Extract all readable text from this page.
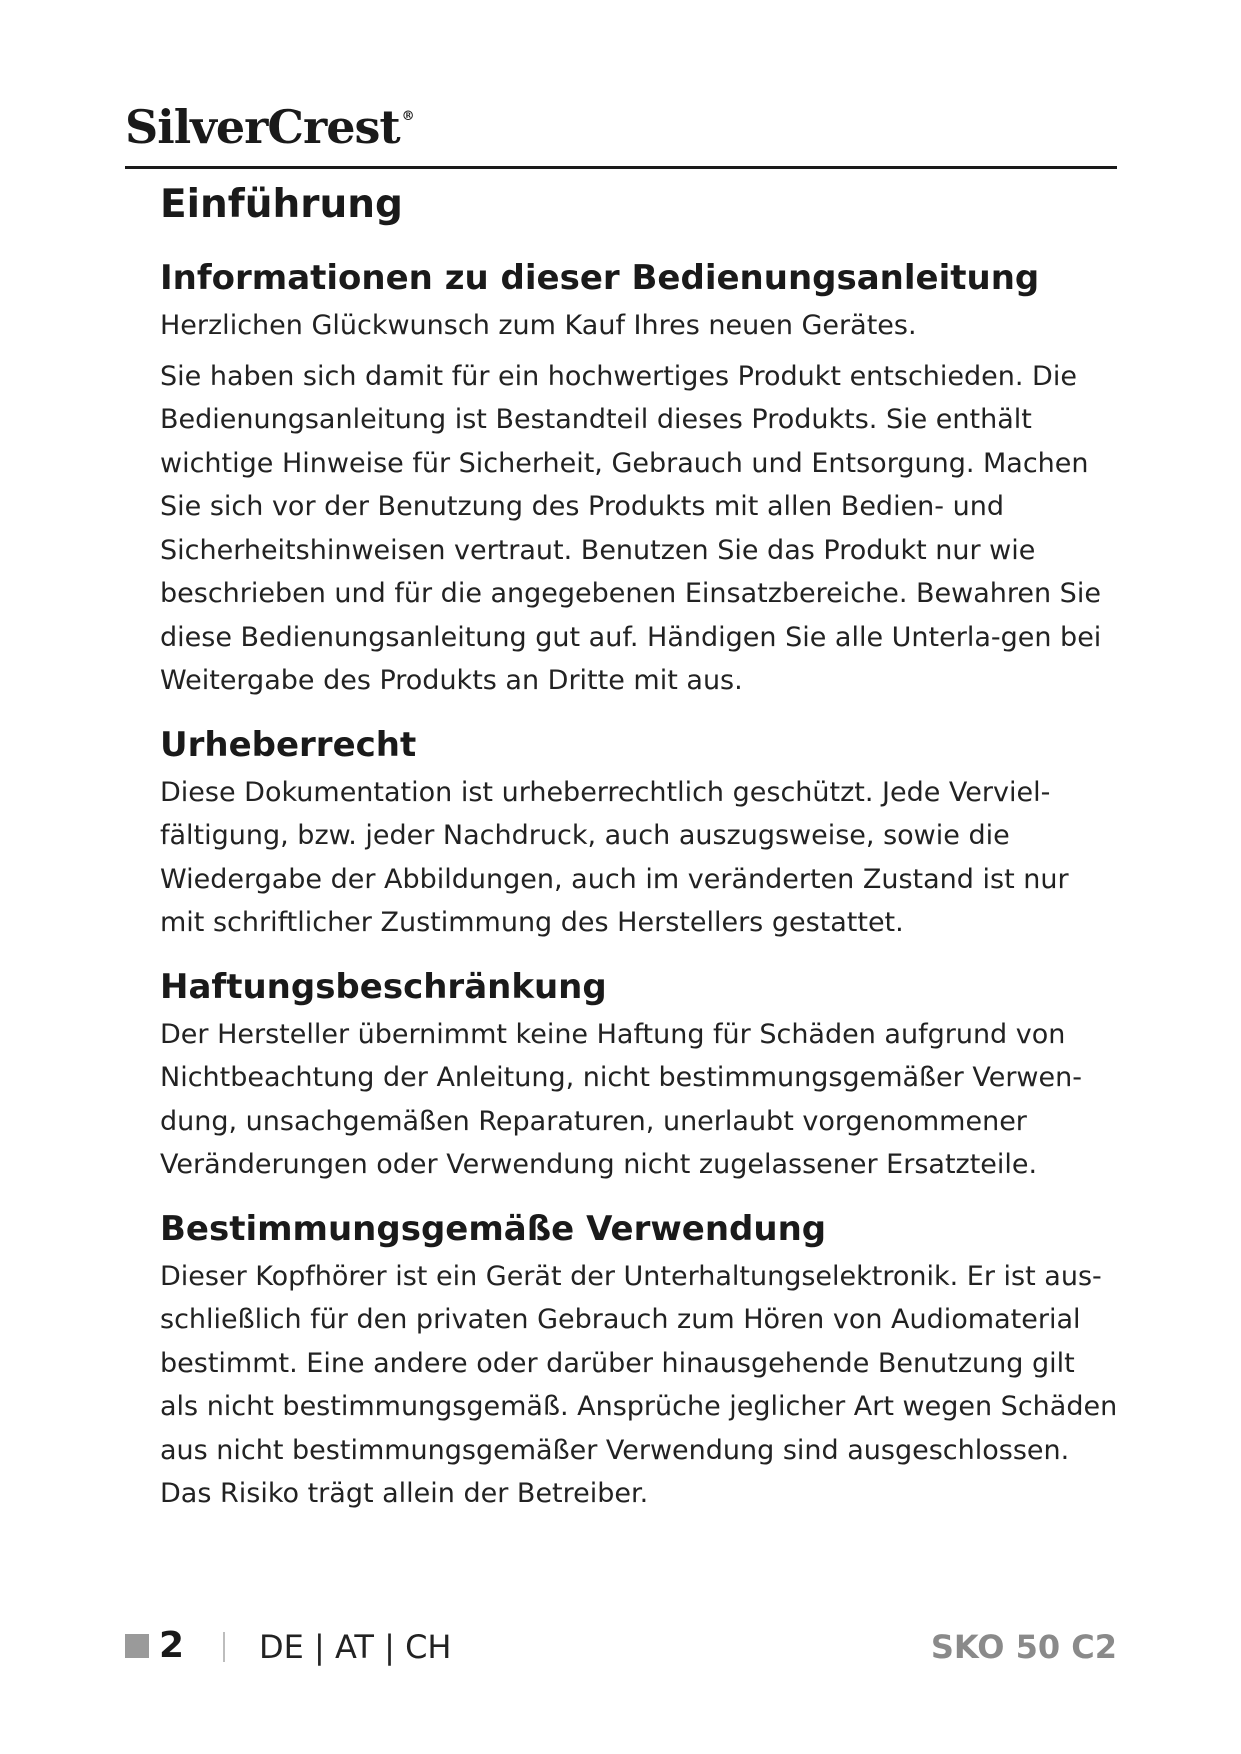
SilverCrest ®
Einführung
Informationen zu dieser Bedienungsanleitung

Herzlichen Glückwunsch zum Kauf Ihres neuen Gerätes.

Sie haben sich damit für ein hochwertiges Produkt entschieden. Die Bedienungsanleitung ist Bestandteil dieses Produkts. Sie enthält wichtige Hinweise für Sicherheit, Gebrauch und Entsorgung. Machen Sie sich vor der Benutzung des Produkts mit allen Bedien- und Sicherheitshinweisen vertraut. Benutzen Sie das Produkt nur wie beschrieben und für die angegebenen Einsatzbereiche. Bewahren Sie diese Bedienungsanleitung gut auf. Händigen Sie alle Unterla-gen bei Weitergabe des Produkts an Dritte mit aus.

Urheberrecht

Diese Dokumentation ist urheberrechtlich geschützt. Jede Verviel-fältigung, bzw. jeder Nachdruck, auch auszugsweise, sowie die Wiedergabe der Abbildungen, auch im veränderten Zustand ist nur mit schriftlicher Zustimmung des Herstellers gestattet.

Haftungsbeschränkung

Der Hersteller übernimmt keine Haftung für Schäden aufgrund von Nichtbeachtung der Anleitung, nicht bestimmungsgemäßer Verwen-dung, unsachgemäßen Reparaturen, unerlaubt vorgenommener Veränderungen oder Verwendung nicht zugelassener Ersatzteile.

Bestimmungsgemäße Verwendung

Dieser Kopfhörer ist ein Gerät der Unterhaltungselektronik. Er ist aus-schließlich für den privaten Gebrauch zum Hören von Audiomaterial bestimmt. Eine andere oder darüber hinausgehende Benutzung gilt als nicht bestimmungsgemäß. Ansprüche jeglicher Art wegen Schäden aus nicht bestimmungsgemäßer Verwendung sind ausgeschlossen. Das Risiko trägt allein der Betreiber.

2 DE | AT | CH	SKO 50 C2
